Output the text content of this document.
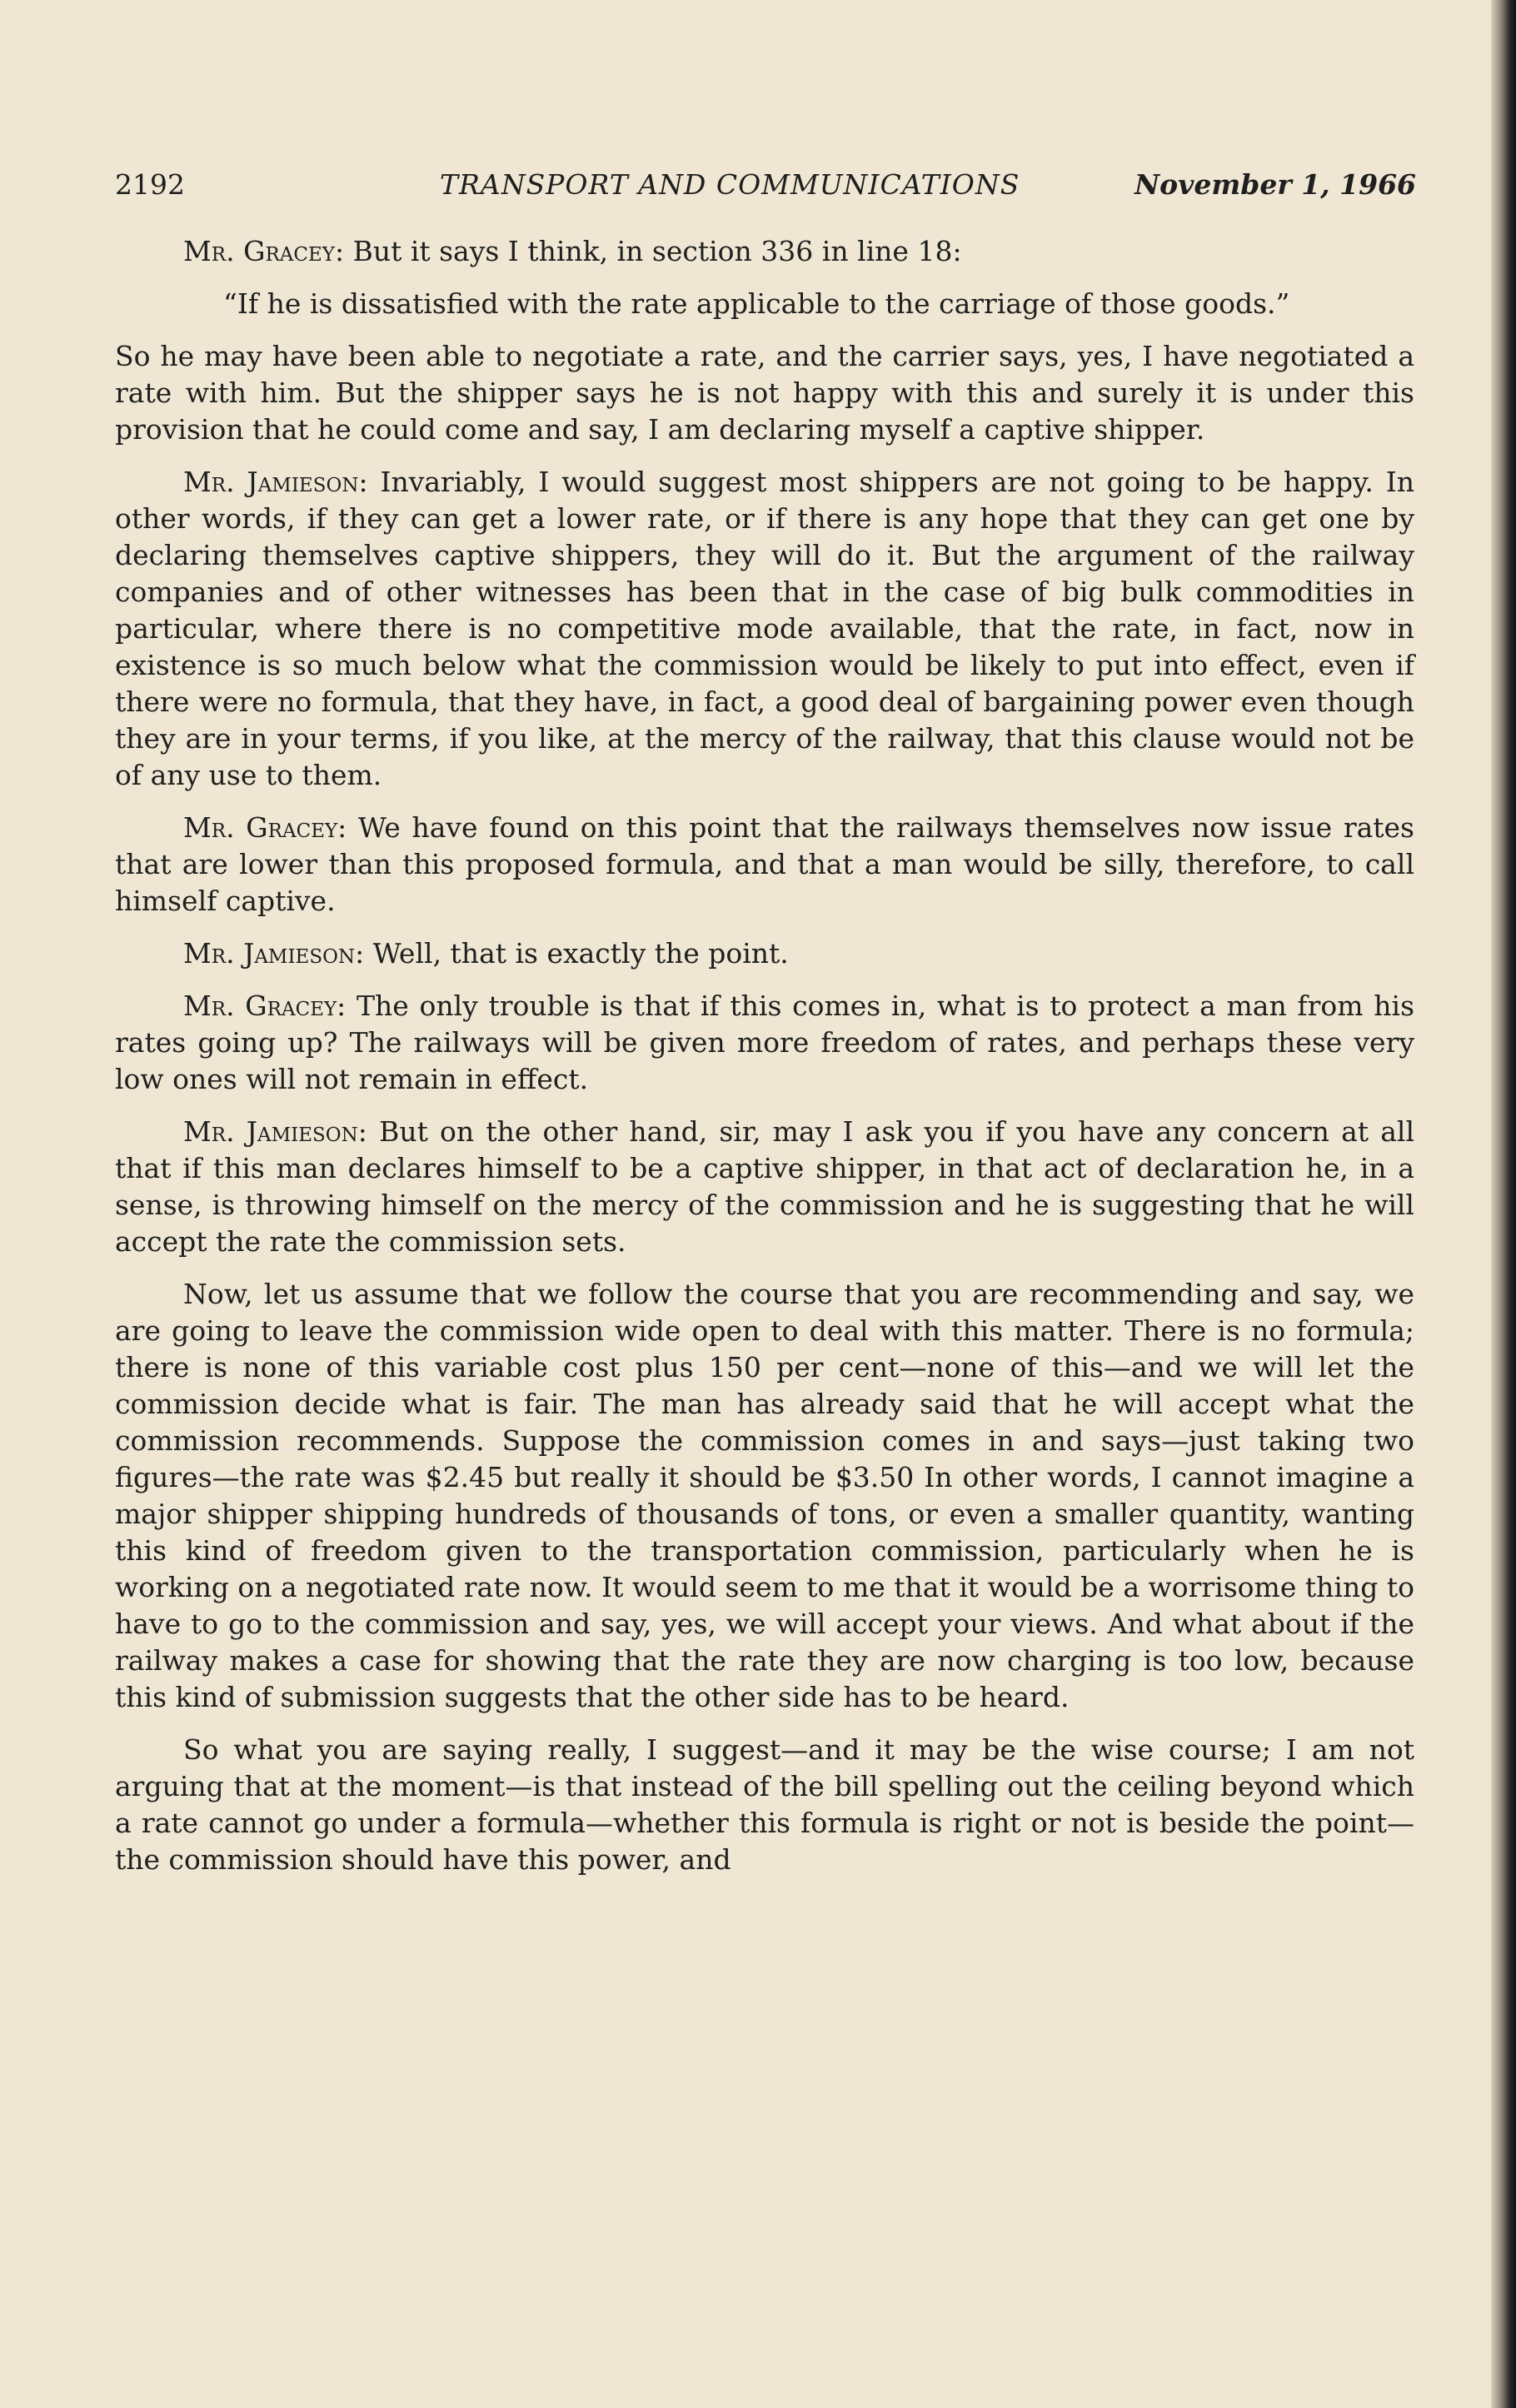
2192	TRANSPORT AND COMMUNICATIONS	November 1, 1966

Mr. Gracey: But it says I think, in section 336 in line 18:

“If he is dissatisfied with the rate applicable to the carriage of those goods.”

So he may have been able to negotiate a rate, and the carrier says, yes, I have negotiated a rate with him. But the shipper says he is not happy with this and surely it is under this provision that he could come and say, I am declaring myself a captive shipper.

Mr. Jamieson: Invariably, I would suggest most shippers are not going to be happy. In other words, if they can get a lower rate, or if there is any hope that they can get one by declaring themselves captive shippers, they will do it. But the argument of the railway companies and of other witnesses has been that in the case of big bulk commodities in particular, where there is no competitive mode available, that the rate, in fact, now in existence is so much below what the commission would be likely to put into effect, even if there were no formula, that they have, in fact, a good deal of bargaining power even though they are in your terms, if you like, at the mercy of the railway, that this clause would not be of any use to them.

Mr. Gracey: We have found on this point that the railways themselves now issue rates that are lower than this proposed formula, and that a man would be silly, therefore, to call himself captive.

Mr. Jamieson: Well, that is exactly the point.

Mr. Gracey: The only trouble is that if this comes in, what is to protect a man from his rates going up? The railways will be given more freedom of rates, and perhaps these very low ones will not remain in effect.

Mr. Jamieson: But on the other hand, sir, may I ask you if you have any concern at all that if this man declares himself to be a captive shipper, in that act of declaration he, in a sense, is throwing himself on the mercy of the commission and he is suggesting that he will accept the rate the commission sets.

Now, let us assume that we follow the course that you are recommending and say, we are going to leave the commission wide open to deal with this matter. There is no formula; there is none of this variable cost plus 150 per cent—none of this—and we will let the commission decide what is fair. The man has already said that he will accept what the commission recommends. Suppose the commission comes in and says—just taking two figures—the rate was $2.45 but really it should be $3.50 In other words, I cannot imagine a major shipper shipping hundreds of thousands of tons, or even a smaller quantity, wanting this kind of freedom given to the transportation commission, particularly when he is working on a negotiated rate now. It would seem to me that it would be a worrisome thing to have to go to the commission and say, yes, we will accept your views. And what about if the railway makes a case for showing that the rate they are now charging is too low, because this kind of submission suggests that the other side has to be heard.

So what you are saying really, I suggest—and it may be the wise course; I am not arguing that at the moment—is that instead of the bill spelling out the ceiling beyond which a rate cannot go under a formula—whether this formula is right or not is beside the point—the commission should have this power, and
